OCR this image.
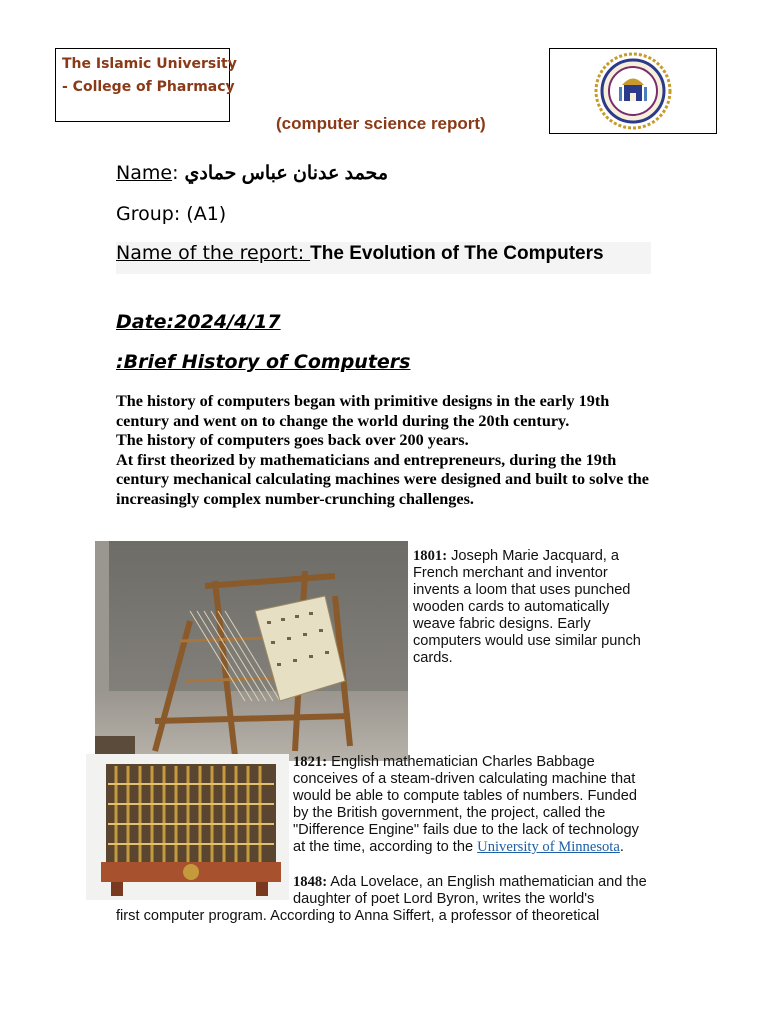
The Islamic University
- College of Pharmacy
(computer science report)
Name: محمد عدنان عباس حمادي
Group: (A1)
Name of the report: The Evolution of The Computers
Date:2024/4/17
:Brief History of Computers

The history of computers began with primitive designs in the early 19th century and went on to change the world during the 20th century.

The history of computers goes back over 200 years.

At first theorized by mathematicians and entrepreneurs, during the 19th century mechanical calculating machines were designed and built to solve the increasingly complex number-crunching challenges.

1801: Joseph Marie Jacquard, a French merchant and inventor invents a loom that uses punched wooden cards to automatically weave fabric designs. Early computers would use similar punch cards.
1821: English mathematician Charles Babbage conceives of a steam-driven calculating machine that would be able to compute tables of numbers. Funded by the British government, the project, called the "Difference Engine" fails due to the lack of technology at the time, according to the University of Minnesota.
1848: Ada Lovelace, an English mathematician and the daughter of poet Lord Byron, writes the world's
first computer program. According to Anna Siffert, a professor of theoretical
